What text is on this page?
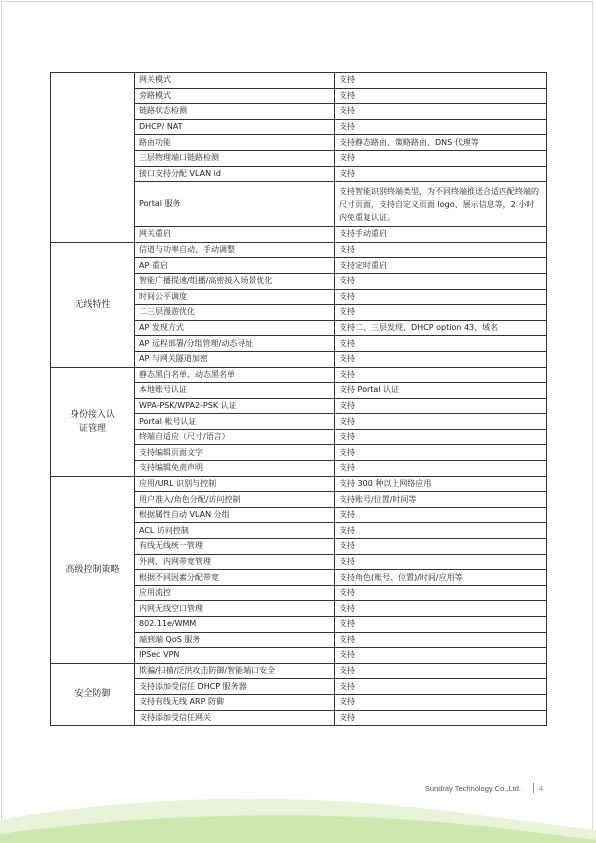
	网关模式	支持
	旁路模式	支持
	链路状态检测	支持
	DHCP/ NAT	支持
	路由功能	支持静态路由、策略路由、DNS 代理等
	三层物理端口链路检测	支持
	接口支持分配 VLAN id	支持
	Portal 服务	支持智能识别终端类型，为不同终端推送合适匹配终端的尺寸页面，支持自定义页面 logo、展示信息等，2 小时内免重复认证。
	网关重启	支持手动重启
无线特性	信道与功率自动、手动调整	支持
	AP 重启	支持定时重启
	智能广播提速/组播/高密接入场景优化	支持
	时间公平调度	支持
	二三层漫游优化	支持
	AP 发现方式	支持二、三层发现、DHCP option 43、域名
	AP 远程部署/分组管理/动态寻址	支持
	AP 与网关隧道加密	支持
身份接入认证管理	静态黑白名单、动态黑名单	支持
	本地账号认证	支持 Portal 认证
	WPA-PSK/WPA2-PSK 认证	支持
	Portal 帐号认证	支持
	终端自适应（尺寸/语言）	支持
	支持编辑页面文字	支持
	支持编辑免责声明	支持
高级控制策略	应用/URL 识别与控制	支持 300 种以上网络应用
	用户准入/角色分配/访问控制	支持账号/位置/时间等
	根据属性自动 VLAN 分组	支持
	ACL 访问控制	支持
	有线无线统一管理	支持
	外网、内网带宽管理	支持
	根据不同因素分配带宽	支持角色(账号、位置)/时间/应用等
	应用流控	支持
	内网无线空口管理	支持
	802.11e/WMM	支持
	端到端 QoS 服务	支持
	IPSec VPN	支持
安全防御	欺骗/扫描/泛洪攻击防御/智能端口安全	支持
	支持添加受信任 DHCP 服务器	支持
	支持有线无线 ARP 防御	支持
	支持添加受信任网关	支持
Sundray Technology Co.,Ltd. 4
